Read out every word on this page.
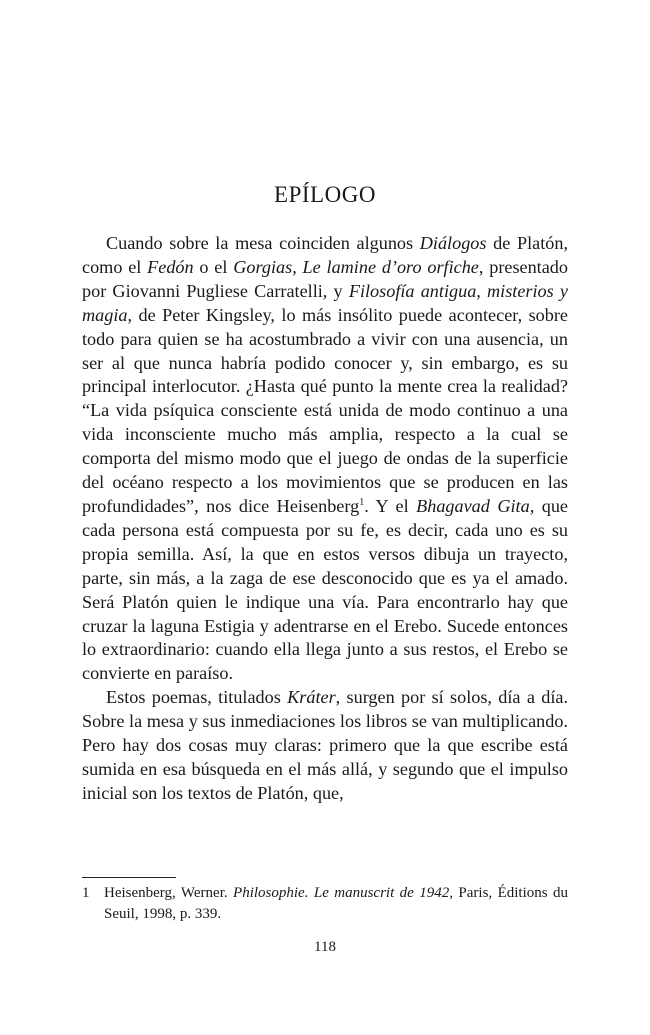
EPÍLOGO

Cuando sobre la mesa coinciden algunos Diálogos de Platón, como el Fedón o el Gorgias, Le lamine d’oro orfiche, presentado por Giovanni Pugliese Carratelli, y Filosofía antigua, misterios y magia, de Peter Kingsley, lo más insólito puede acontecer, sobre todo para quien se ha acostumbrado a vivir con una ausencia, un ser al que nunca habría podido conocer y, sin embargo, es su principal interlocutor. ¿Hasta qué punto la mente crea la realidad? “La vida psíquica consciente está unida de modo continuo a una vida inconsciente mucho más amplia, respecto a la cual se comporta del mismo modo que el juego de ondas de la superficie del océano respecto a los movimientos que se producen en las profundidades”, nos dice Heisenberg$^1$. Y el Bhagavad Gita, que cada persona está compuesta por su fe, es decir, cada uno es su propia semilla. Así, la que en estos versos dibuja un trayecto, parte, sin más, a la zaga de ese desconocido que es ya el amado. Será Platón quien le indique una vía. Para encontrarlo hay que cruzar la laguna Estigia y adentrarse en el Erebo. Sucede entonces lo extraordinario: cuando ella llega junto a sus restos, el Erebo se convierte en paraíso.

Estos poemas, titulados Kráter, surgen por sí solos, día a día. Sobre la mesa y sus inmediaciones los libros se van multiplicando. Pero hay dos cosas muy claras: primero que la que escribe está sumida en esa búsqueda en el más allá, y segundo que el impulso inicial son los textos de Platón, que,

1 Heisenberg, Werner. Philosophie. Le manuscrit de 1942, Paris, Éditions du Seuil, 1998, p. 339.
118
